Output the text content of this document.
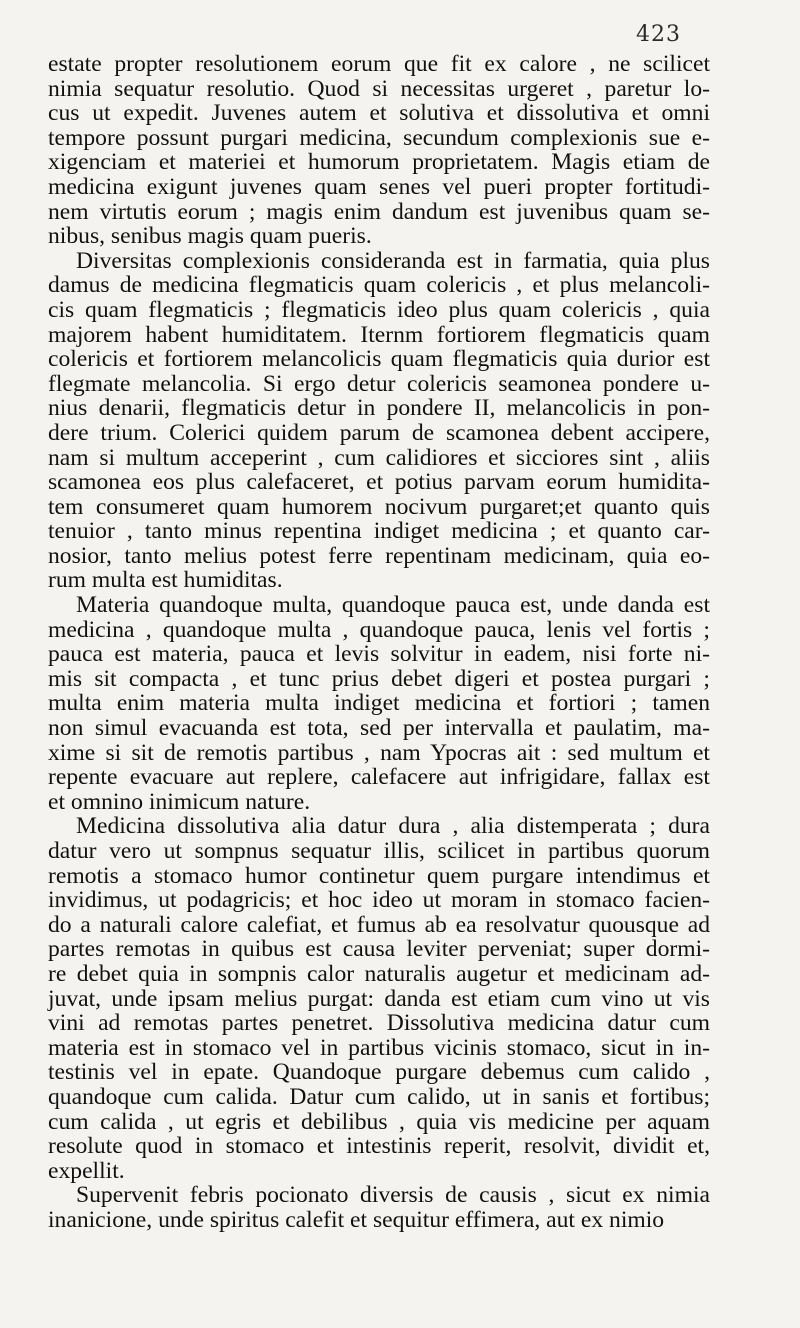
423
estate propter resolutionem eorum que fit ex calore , ne scilicet
nimia sequatur resolutio. Quod si necessitas urgeret , paretur lo-
cus ut expedit. Juvenes autem et solutiva et dissolutiva et omni
tempore possunt purgari medicina, secundum complexionis sue e-
xigenciam et materiei et humorum proprietatem. Magis etiam de
medicina exigunt juvenes quam senes vel pueri propter fortitudi-
nem virtutis eorum ; magis enim dandum est juvenibus quam se-
nibus, senibus magis quam pueris.
Diversitas complexionis consideranda est in farmatia, quia plus
damus de medicina flegmaticis quam colericis , et plus melancoli-
cis quam flegmaticis ; flegmaticis ideo plus quam colericis , quia
majorem habent humiditatem. Iternm fortiorem flegmaticis quam
colericis et fortiorem melancolicis quam flegmaticis quia durior est
flegmate melancolia. Si ergo detur colericis seamonea pondere u-
nius denarii, flegmaticis detur in pondere II, melancolicis in pon-
dere trium. Colerici quidem parum de scamonea debent accipere,
nam si multum acceperint , cum calidiores et sicciores sint , aliis
scamonea eos plus calefaceret, et potius parvam eorum humidita-
tem consumeret quam humorem nocivum purgaret;et quanto quis
tenuior , tanto minus repentina indiget medicina ; et quanto car-
nosior, tanto melius potest ferre repentinam medicinam, quia eo-
rum multa est humiditas.
Materia quandoque multa, quandoque pauca est, unde danda est
medicina , quandoque multa , quandoque pauca, lenis vel fortis ;
pauca est materia, pauca et levis solvitur in eadem, nisi forte ni-
mis sit compacta , et tunc prius debet digeri et postea purgari ;
multa enim materia multa indiget medicina et fortiori ; tamen
non simul evacuanda est tota, sed per intervalla et paulatim, ma-
xime si sit de remotis partibus , nam Ypocras ait : sed multum et
repente evacuare aut replere, calefacere aut infrigidare, fallax est
et omnino inimicum nature.
Medicina dissolutiva alia datur dura , alia distemperata ; dura
datur vero ut sompnus sequatur illis, scilicet in partibus quorum
remotis a stomaco humor continetur quem purgare intendimus et
invidimus, ut podagricis; et hoc ideo ut moram in stomaco facien-
do a naturali calore calefiat, et fumus ab ea resolvatur quousque ad
partes remotas in quibus est causa leviter perveniat; super dormi-
re debet quia in sompnis calor naturalis augetur et medicinam ad-
juvat, unde ipsam melius purgat: danda est etiam cum vino ut vis
vini ad remotas partes penetret. Dissolutiva medicina datur cum
materia est in stomaco vel in partibus vicinis stomaco, sicut in in-
testinis vel in epate. Quandoque purgare debemus cum calido ,
quandoque cum calida. Datur cum calido, ut in sanis et fortibus;
cum calida , ut egris et debilibus , quia vis medicine per aquam
resolute quod in stomaco et intestinis reperit, resolvit, dividit et,
expellit.
Supervenit febris pocionato diversis de causis , sicut ex nimia
inanicione, unde spiritus calefit et sequitur effimera, aut ex nimio
